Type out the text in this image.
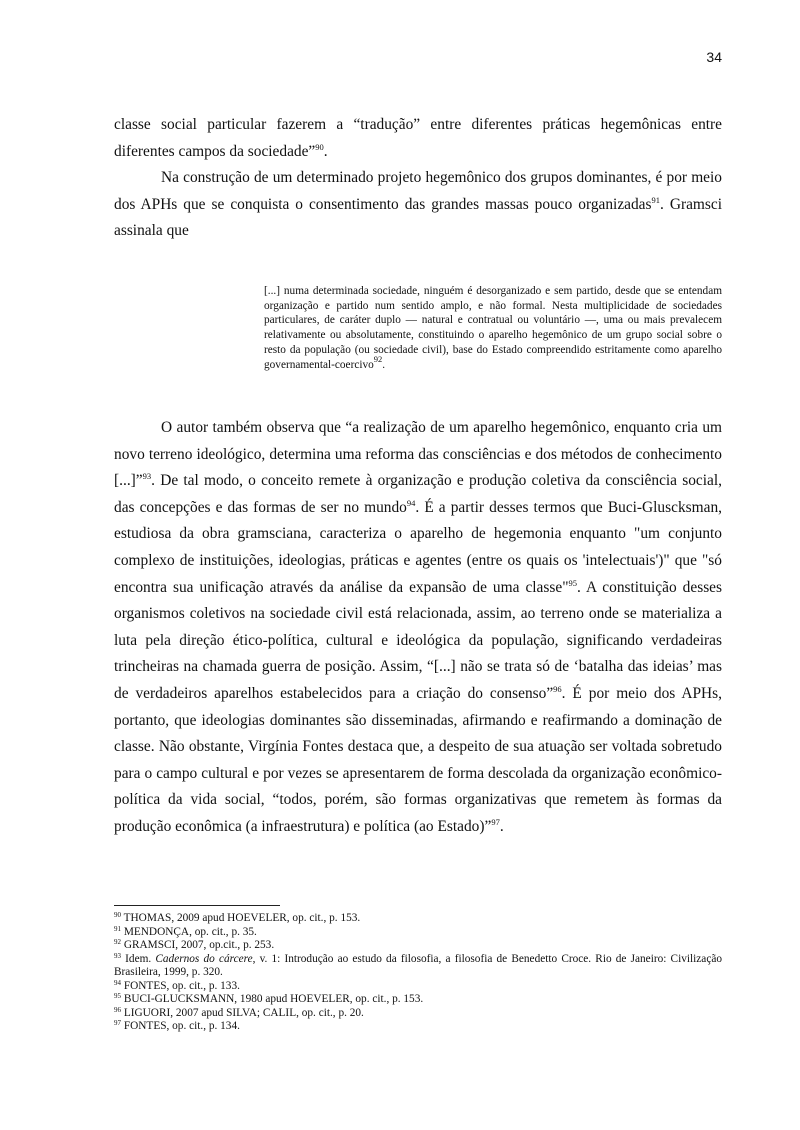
34

classe social particular fazerem a “tradução” entre diferentes práticas hegemônicas entre diferentes campos da sociedade”$^{90}$.

Na construção de um determinado projeto hegemônico dos grupos dominantes, é por meio dos APHs que se conquista o consentimento das grandes massas pouco organizadas$^{91}$. Gramsci assinala que

[...] numa determinada sociedade, ninguém é desorganizado e sem partido, desde que se entendam organização e partido num sentido amplo, e não formal. Nesta multiplicidade de sociedades particulares, de caráter duplo — natural e contratual ou voluntário —, uma ou mais prevalecem relativamente ou absolutamente, constituindo o aparelho hegemônico de um grupo social sobre o resto da população (ou sociedade civil), base do Estado compreendido estritamente como aparelho governamental-coercivo$^{92}$.

O autor também observa que “a realização de um aparelho hegemônico, enquanto cria um novo terreno ideológico, determina uma reforma das consciências e dos métodos de conhecimento [...]”$^{93}$. De tal modo, o conceito remete à organização e produção coletiva da consciência social, das concepções e das formas de ser no mundo$^{94}$. É a partir desses termos que Buci-Gluscksman, estudiosa da obra gramsciana, caracteriza o aparelho de hegemonia enquanto "um conjunto complexo de instituições, ideologias, práticas e agentes (entre os quais os 'intelectuais')" que "só encontra sua unificação através da análise da expansão de uma classe"$^{95}$. A constituição desses organismos coletivos na sociedade civil está relacionada, assim, ao terreno onde se materializa a luta pela direção ético-política, cultural e ideológica da população, significando verdadeiras trincheiras na chamada guerra de posição. Assim, “[...] não se trata só de ‘batalha das ideias’ mas de verdadeiros aparelhos estabelecidos para a criação do consenso”$^{96}$. É por meio dos APHs, portanto, que ideologias dominantes são disseminadas, afirmando e reafirmando a dominação de classe. Não obstante, Virgínia Fontes destaca que, a despeito de sua atuação ser voltada sobretudo para o campo cultural e por vezes se apresentarem de forma descolada da organização econômico-política da vida social, “todos, porém, são formas organizativas que remetem às formas da produção econômica (a infraestrutura) e política (ao Estado)”$^{97}$.

$^{90}$ THOMAS, 2009 apud HOEVELER, op. cit., p. 153.

$^{91}$ MENDONÇA, op. cit., p. 35.

$^{92}$ GRAMSCI, 2007, op.cit., p. 253.

$^{93}$ Idem. Cadernos do cárcere, v. 1: Introdução ao estudo da filosofia, a filosofia de Benedetto Croce. Rio de Janeiro: Civilização Brasileira, 1999, p. 320.

$^{94}$ FONTES, op. cit., p. 133.

$^{95}$ BUCI-GLUCKSMANN, 1980 apud HOEVELER, op. cit., p. 153.

$^{96}$ LIGUORI, 2007 apud SILVA; CALIL, op. cit., p. 20.

$^{97}$ FONTES, op. cit., p. 134.
